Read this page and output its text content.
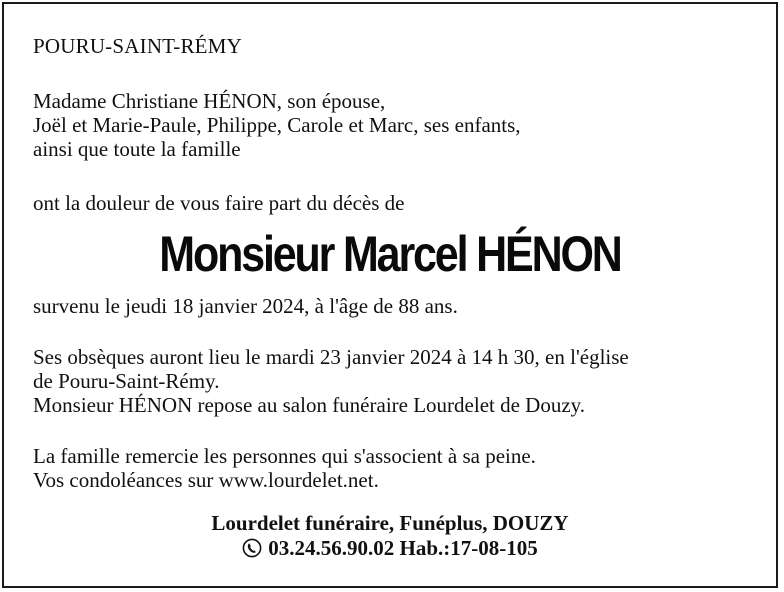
POURU-SAINT-RÉMY
Madame Christiane HÉNON, son épouse,
Joël et Marie-Paule, Philippe, Carole et Marc, ses enfants,
ainsi que toute la famille
ont la douleur de vous faire part du décès de
Monsieur Marcel HÉNON
survenu le jeudi 18 janvier 2024, à l'âge de 88 ans.
Ses obsèques auront lieu le mardi 23 janvier 2024 à 14 h 30, en l'église
de Pouru-Saint-Rémy.
Monsieur HÉNON repose au salon funéraire Lourdelet de Douzy.
La famille remercie les personnes qui s'associent à sa peine.
Vos condoléances sur www.lourdelet.net.
Lourdelet funéraire, Funéplus, DOUZY
03.24.56.90.02 Hab.:17-08-105
